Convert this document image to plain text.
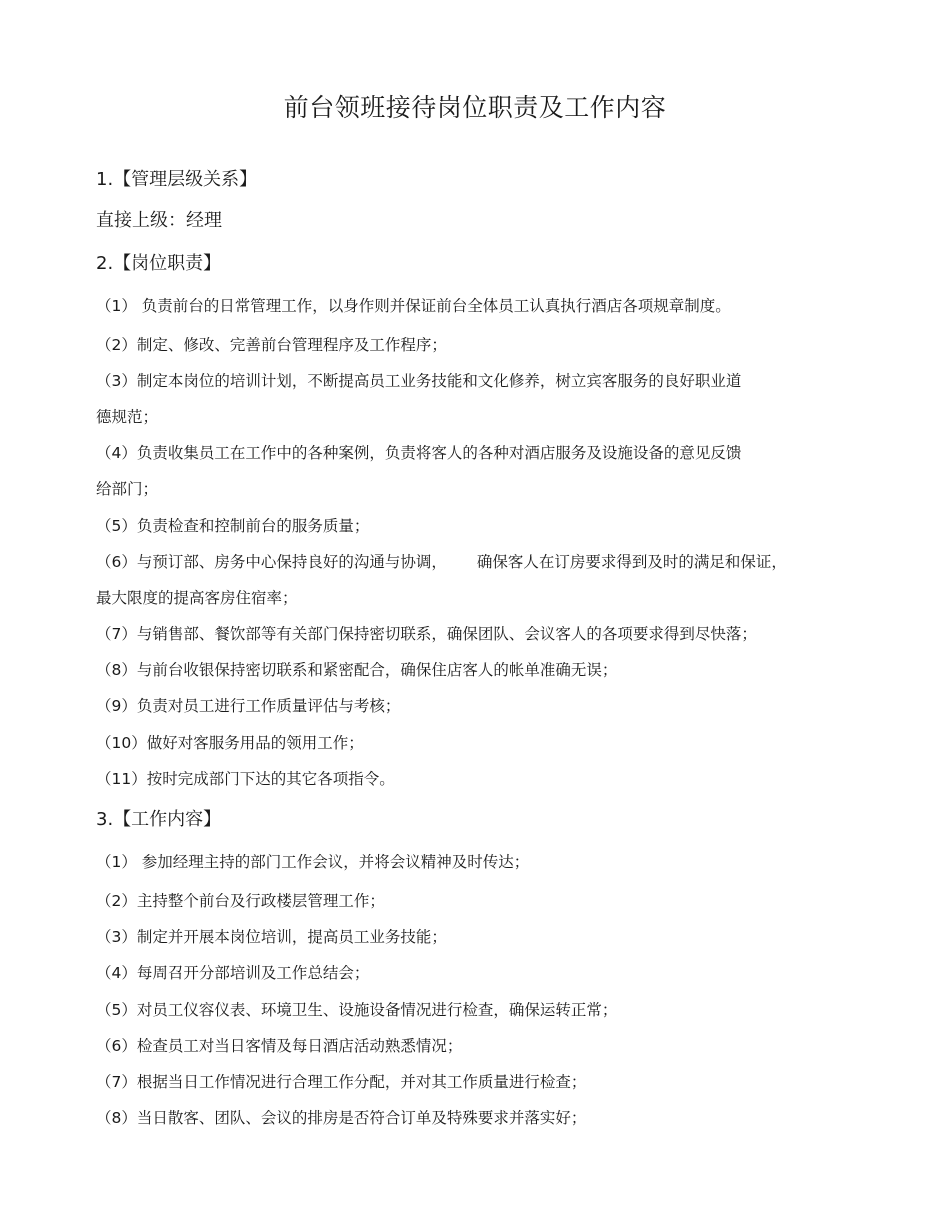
前台领班接待岗位职责及工作内容
1.【管理层级关系】
直接上级：经理
2.【岗位职责】
（1） 负责前台的日常管理工作，以身作则并保证前台全体员工认真执行酒店各项规章制度。
（2）制定、修改、完善前台管理程序及工作程序；
（3）制定本岗位的培训计划，不断提高员工业务技能和文化修养，树立宾客服务的良好职业道
德规范；
（4）负责收集员工在工作中的各种案例，负责将客人的各种对酒店服务及设施设备的意见反馈
给部门；
（5）负责检查和控制前台的服务质量；
（6）与预订部、房务中心保持良好的沟通与协调， 确保客人在订房要求得到及时的满足和保证，
最大限度的提高客房住宿率；
（7）与销售部、餐饮部等有关部门保持密切联系，确保团队、会议客人的各项要求得到尽快落；
（8）与前台收银保持密切联系和紧密配合，确保住店客人的帐单准确无误；
（9）负责对员工进行工作质量评估与考核；
（10）做好对客服务用品的领用工作；
（11）按时完成部门下达的其它各项指令。
3.【工作内容】
（1） 参加经理主持的部门工作会议，并将会议精神及时传达；
（2）主持整个前台及行政楼层管理工作；
（3）制定并开展本岗位培训，提高员工业务技能；
（4）每周召开分部培训及工作总结会；
（5）对员工仪容仪表、环境卫生、设施设备情况进行检查，确保运转正常；
（6）检查员工对当日客情及每日酒店活动熟悉情况；
（7）根据当日工作情况进行合理工作分配，并对其工作质量进行检查；
（8）当日散客、团队、会议的排房是否符合订单及特殊要求并落实好；
